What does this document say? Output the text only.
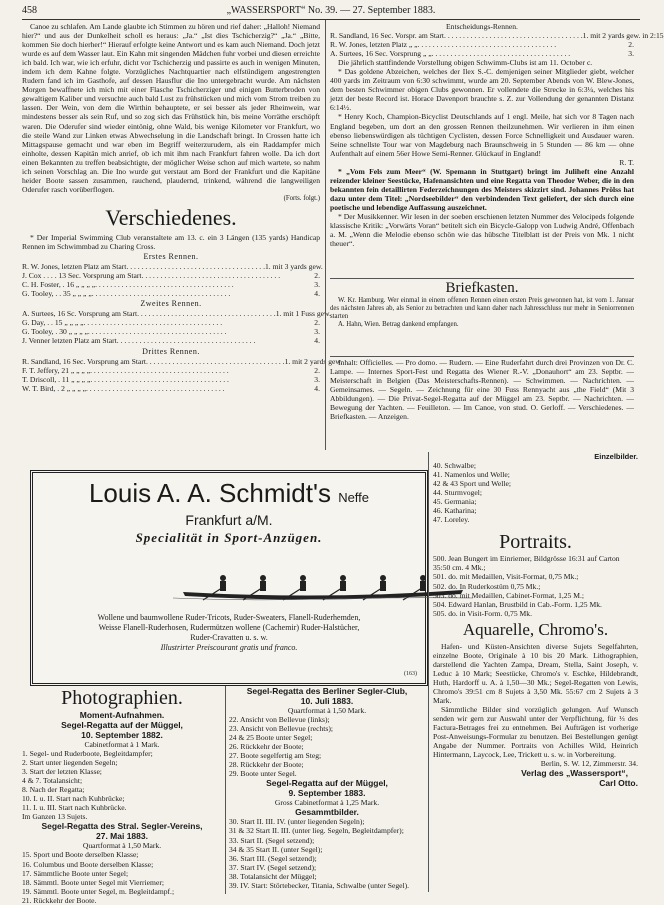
458	„WASSERSPORT“ No. 39. — 27. September 1883.

Canoe zu schlafen. Am Lande glaubte ich Stimmen zu hören und rief daher: „Halloh! Niemand hier?“ und aus der Dunkelheit scholl es heraus: „Ja.“ „Ist dies Tschicherzig?“ „Ja.“ „Bitte, kommen Sie doch hierher!“ Hierauf erfolgte keine Antwort und es kam auch Niemand. Doch jetzt wurde es auf dem Wasser laut. Ein Kahn mit singenden Mädchen fuhr vorbei und diesen erreichte ich bald. Ich war, wie ich erfuhr, dicht vor Tschicherzig und passirte es auch in wenigen Minuten, indem ich dem Kahne folgte. Vorzügliches Nachtquartier nach elfstündigem angestrengten Rudern fand ich im Gasthofe, auf dessen Hausflur die Ino untergebracht wurde. Am nächsten Morgen bewaffnete ich mich mit einer Flasche Tschicherziger und einigen Butterbroden von gewaltigem Kaliber und versuchte auch bald Lust zu frühstücken und mich vom Strom treiben zu lassen. Der Wein, von dem die Wirthin behauptete, er sei besser als jeder Rheinwein, war mindestens besser als sein Ruf, und so zog sich das Frühstück hin, bis meine Vorräthe erschöpft waren. Die Oderufer sind wieder eintönig, ohne Wald, bis wenige Kilometer vor Frankfurt, wo die steile Wand zur Linken etwas Abwechselung in die Landschaft bringt. In Crossen hatte ich Mittagspause gemacht und war eben im Begriff weiterzurudern, als ein Raddampfer mich einholte, dessen Kapitän mich anrief, ob ich mit ihm nach Frankfurt fahren wolle. Da ich dort einen Bekannten zu treffen beabsichtigte, der möglicher Weise schon auf mich wartete, so nahm ich seinen Vorschlag an. Die Ino wurde gut verstaut am Bord der Frankfurt und die Kapitäne heider Boote sassen zusammen, rauchend, plaudernd, trinkend, während die langweiligen Oderufer rasch vorüberflogen.

(Forts. folgt.)
Verschiedenes.

* Der Imperial Swimming Club veranstaltete am 13. c. ein 3 Längen (135 yards) Handicap Rennen im Schwimmbad zu Charing Cross.

Erstes Rennen.
R. W. Jones, letzten Platz am Start . . .	1. mit 3 yards gew.
J. Cox . . . . 13 Sec. Vorsprung am Start . . .	2.
C. H. Foster, . 16 „ „ „ „ . . .	3.
G. Tooley, . . 35 „ „ „ „ . . .	4.
Zweites Rennen.
A. Surtees, 16 Sc. Vorsprung am Start . . .	1. mit 1 Fuss gew.
G. Day, . . 15 „ „ „ „ . . .	2.
G. Tooley, . 30 „ „ „ „ . . .	3.
J. Venner letzten Platz am Start . . .	4.
Drittes Rennen.
R. Sandland, 16 Sec. Vorsprung am Start . . .	1. mit 2 yards gew.
F. T. Jeffery, 21 „ „ „ „ . . .	2.
T. Driscoll, . 11 „ „ „ „ . . .	3.
W. T. Bird, . 2 „ „ „ „ . . .	4.
Entscheidungs-Rennen.
R. Sandland, 16 Sec. Vorspr. am Start . . .	1. mit 2 yards gew. in 2:15
R. W. Jones, letzten Platz „ „ . . .	2.
A. Surtees, 16 Sec. Vorsprung „ „ . . .	3.

Die jährlich stattfindende Vorstellung obigen Schwimm-Clubs ist am 11. October c.

* Das goldene Abzeichen, welches der Ilex S.-C. demjenigen seiner Mitglieder giebt, welcher 400 yards im Zeitraum von 6:30 schwimmt, wurde am 20. September Abends von W. Blew-Jones, dem besten Schwimmer obigen Clubs gewonnen. Er vollendete die Strecke in 6:3¼, welches his jetzt der beste Record ist. Horace Davenport brauchte s. Z. zur Vollendung der genannten Distanz 6:14½.

* Henry Koch, Champion-Bicyclist Deutschlands auf 1 engl. Meile, hat sich vor 8 Tagen nach England begeben, um dort an den grossen Rennen theilzunehmen. Wir verlieren in ihm einen ebenso liebenswürdigen als tüchtigen Cyclisten, dessen Force Schnelligkeit und Ausdauer waren. Seine schnellste Tour war von Magdeburg nach Braunschweig in 5 Stunden — 86 km — ohne Aufenthalt auf einem 56er Howe Semi-Renner. Glückauf in England!

R. T.

* „Vom Fels zum Meer“ (W. Spemann in Stuttgart) bringt im Juliheft eine Anzahl reizender kleiner Seestücke, Hafenansichten und eine Regatta von Theodor Weber, die in den bekannten fein detaillirten Federzeichnungen des Meisters skizzirt sind. Johannes Prölss hat dazu unter dem Titel: „Nordseebilder“ den verbindenden Text geliefert, der sich durch eine poetische und lebendige Auffassung auszeichnet.

* Der Musikkenner. Wir lesen in der soeben erschienen letzten Nummer des Velocipeds folgende klassische Kritik: „Vorwärts Voran“ betitelt sich ein Bicycle-Galopp von Ludwig André, Offenbach a. M. „Wenn die Melodie ebenso schön wie das hübsche Titelblatt ist der Preis von Mk. 1 nicht theuer“.

Briefkasten.

W. Kr. Hamburg. Wer einmal in einem offenen Rennen einen ersten Preis gewonnen hat, ist vom 1. Januar des nächsten Jahres ab, als Senior zu betrachten und kann daher nach Jahresschluss nur mehr in Seniorrennen starten

A. Hahn, Wien. Betrag dankend empfangen.

Inhalt: Officielles. — Pro domo. — Rudern. — Eine Ruderfahrt durch drei Provinzen von Dr. C. Lampe. — Internes Sport-Fest und Regatta des Wiener R.-V. „Donauhort“ am 23. Septbr. — Meisterschaft in Belgien (Das Meisterschafts-Rennen). — Schwimmen. — Nachrichten. — Gemeinsames. — Segeln. — Zeichnung für eine 30 Fuss Rennyacht aus „the Field“ (Mit 3 Abbildungen). — Die Privat-Segel-Regatta auf der Müggel am 23. Septbr. — Nachrichten. — Bewegung der Yachten. — Feuilleton. — Im Canoe, von stud. O. Gerloff. — Verschiedenes. — Briefkasten. — Anzeigen.

Louis A. A. Schmidt's Neffe
Frankfurt a/M.
Specialität in Sport-Anzügen.
Wollene und baumwollene Ruder-Tricots, Ruder-Sweaters, Flanell-Ruderhemden,
Weisse Flanell-Ruderhosen, Rudermützen wollene (Cachemir) Ruder-Halstücher,
Ruder-Cravatten u. s. w.
Illustrirter Preiscourant gratis und franco.
(163)
Einzelbilder.
40. Schwalbe;
41. Namenlos und Welle;
42 & 43 Sport und Welle;
44. Sturmvogel;
45. Germania;
46. Katharina;
47. Loreley.
Portraits.
500. Jean Bungert im Einriemer, Bildgrösse 16:31 auf Carton 35:50 cm. 4 Mk.;
501. do. mit Medaillen, Visit-Format, 0,75 Mk.;
502. do. In Ruderkostüm 0,75 Mk.;
503. do. mit Medaillen, Cabinet-Format, 1,25 M.;
504. Edward Hanlan, Brustbild in Cab.-Form. 1,25 Mk.
505. do. in Visit-Form. 0,75 Mk.
Aquarelle, Chromo's.

Hafen- und Küsten-Ansichten diverse Sujets Segelfahrten, einzelne Boote, Originale à 10 bis 20 Mark. Lithographien, darstellend die Yachten Zampa, Dream, Stella, Saint Joseph, v. Leduc à 10 Mark; Seestücke, Chromo's v. Eschke, Hildebrandt, Huth, Hardorff u. A. à 1,50—30 Mk.; Segel-Regatten von Lewis, Chromo's 39:51 cm 8 Sujets à 3,50 Mk. 55:67 cm 2 Sujets à 3 Mark.

Sämmtliche Bilder sind vorzüglich gelungen. Auf Wunsch senden wir gern zur Auswahl unter der Verpflichtung, für ⅓ des Factura-Betrages frei zu entnehmen. Bei Aufträgen ist vorherige Post-Anweisungs-Formular zu benutzen. Bei Bestellungen genügt Angabe der Nummer. Portraits von Achilles Wild, Heinrich Hintermann, Laycock, Lee, Trickett u. s. w. in Vorbereitung.

Berlin, S. W. 12, Zimmerstr. 34.
Verlag des „Wassersport“,
Carl Otto.
Photographien.
Moment-Aufnahmen.
Segel-Regatta auf der Müggel,
10. September 1882.
Cabinetformat à 1 Mark.
1. Segel- und Ruderboote, Begleitdampfer;
2. Start unter liegenden Segeln;
3. Start der letzten Klasse;
4 & 7. Totalansicht;
8. Nach der Regatta;
10. I. u. II. Start nach Kuhbrücke;
11. I. u. III. Start nach Kuhbrücke.
Im Ganzen 13 Sujets.
Segel-Regatta des Stral. Segler-Vereins,
27. Mai 1883.
Quartformat à 1,50 Mark.
15. Sport und Boote derselben Klasse;
16. Columbus und Boote derselben Klasse;
17. Sämmtliche Boote unter Segel;
18. Sämmtl. Boote unter Segel mit Vierriemer;
19. Sämmtl. Boote unter Segel, m. Begleitdampf.;
21. Rückkehr der Boote.
Segel-Regatta des Berliner Segler-Club,
10. Juli 1883.
Quartformat à 1,50 Mark.
22. Ansicht von Bellevue (links);
23. Ansicht von Bellevue (rechts);
24 & 25 Boote unter Segel;
26. Rückkehr der Boote;
27. Boote segelfertig am Steg;
28. Rückkehr der Boote;
29. Boote unter Segel.
Segel-Regatta auf der Müggel,
9. September 1883.
Gross Cabinetformat à 1,25 Mark.
Gesammtbilder.
30. Start II. III. IV. (unter liegenden Segeln);
31 & 32 Start II. III. (unter lieg. Segeln, Begleitdampfer);
33. Start II. (Segel setzend);
34 & 35 Start II. (unter Segel);
36. Start III. (Segel setzend);
37. Start IV. (Segel setzend);
38. Totalansicht der Müggel;
39. IV. Start: Störtebecker, Titania, Schwalbe (unter Segel).
